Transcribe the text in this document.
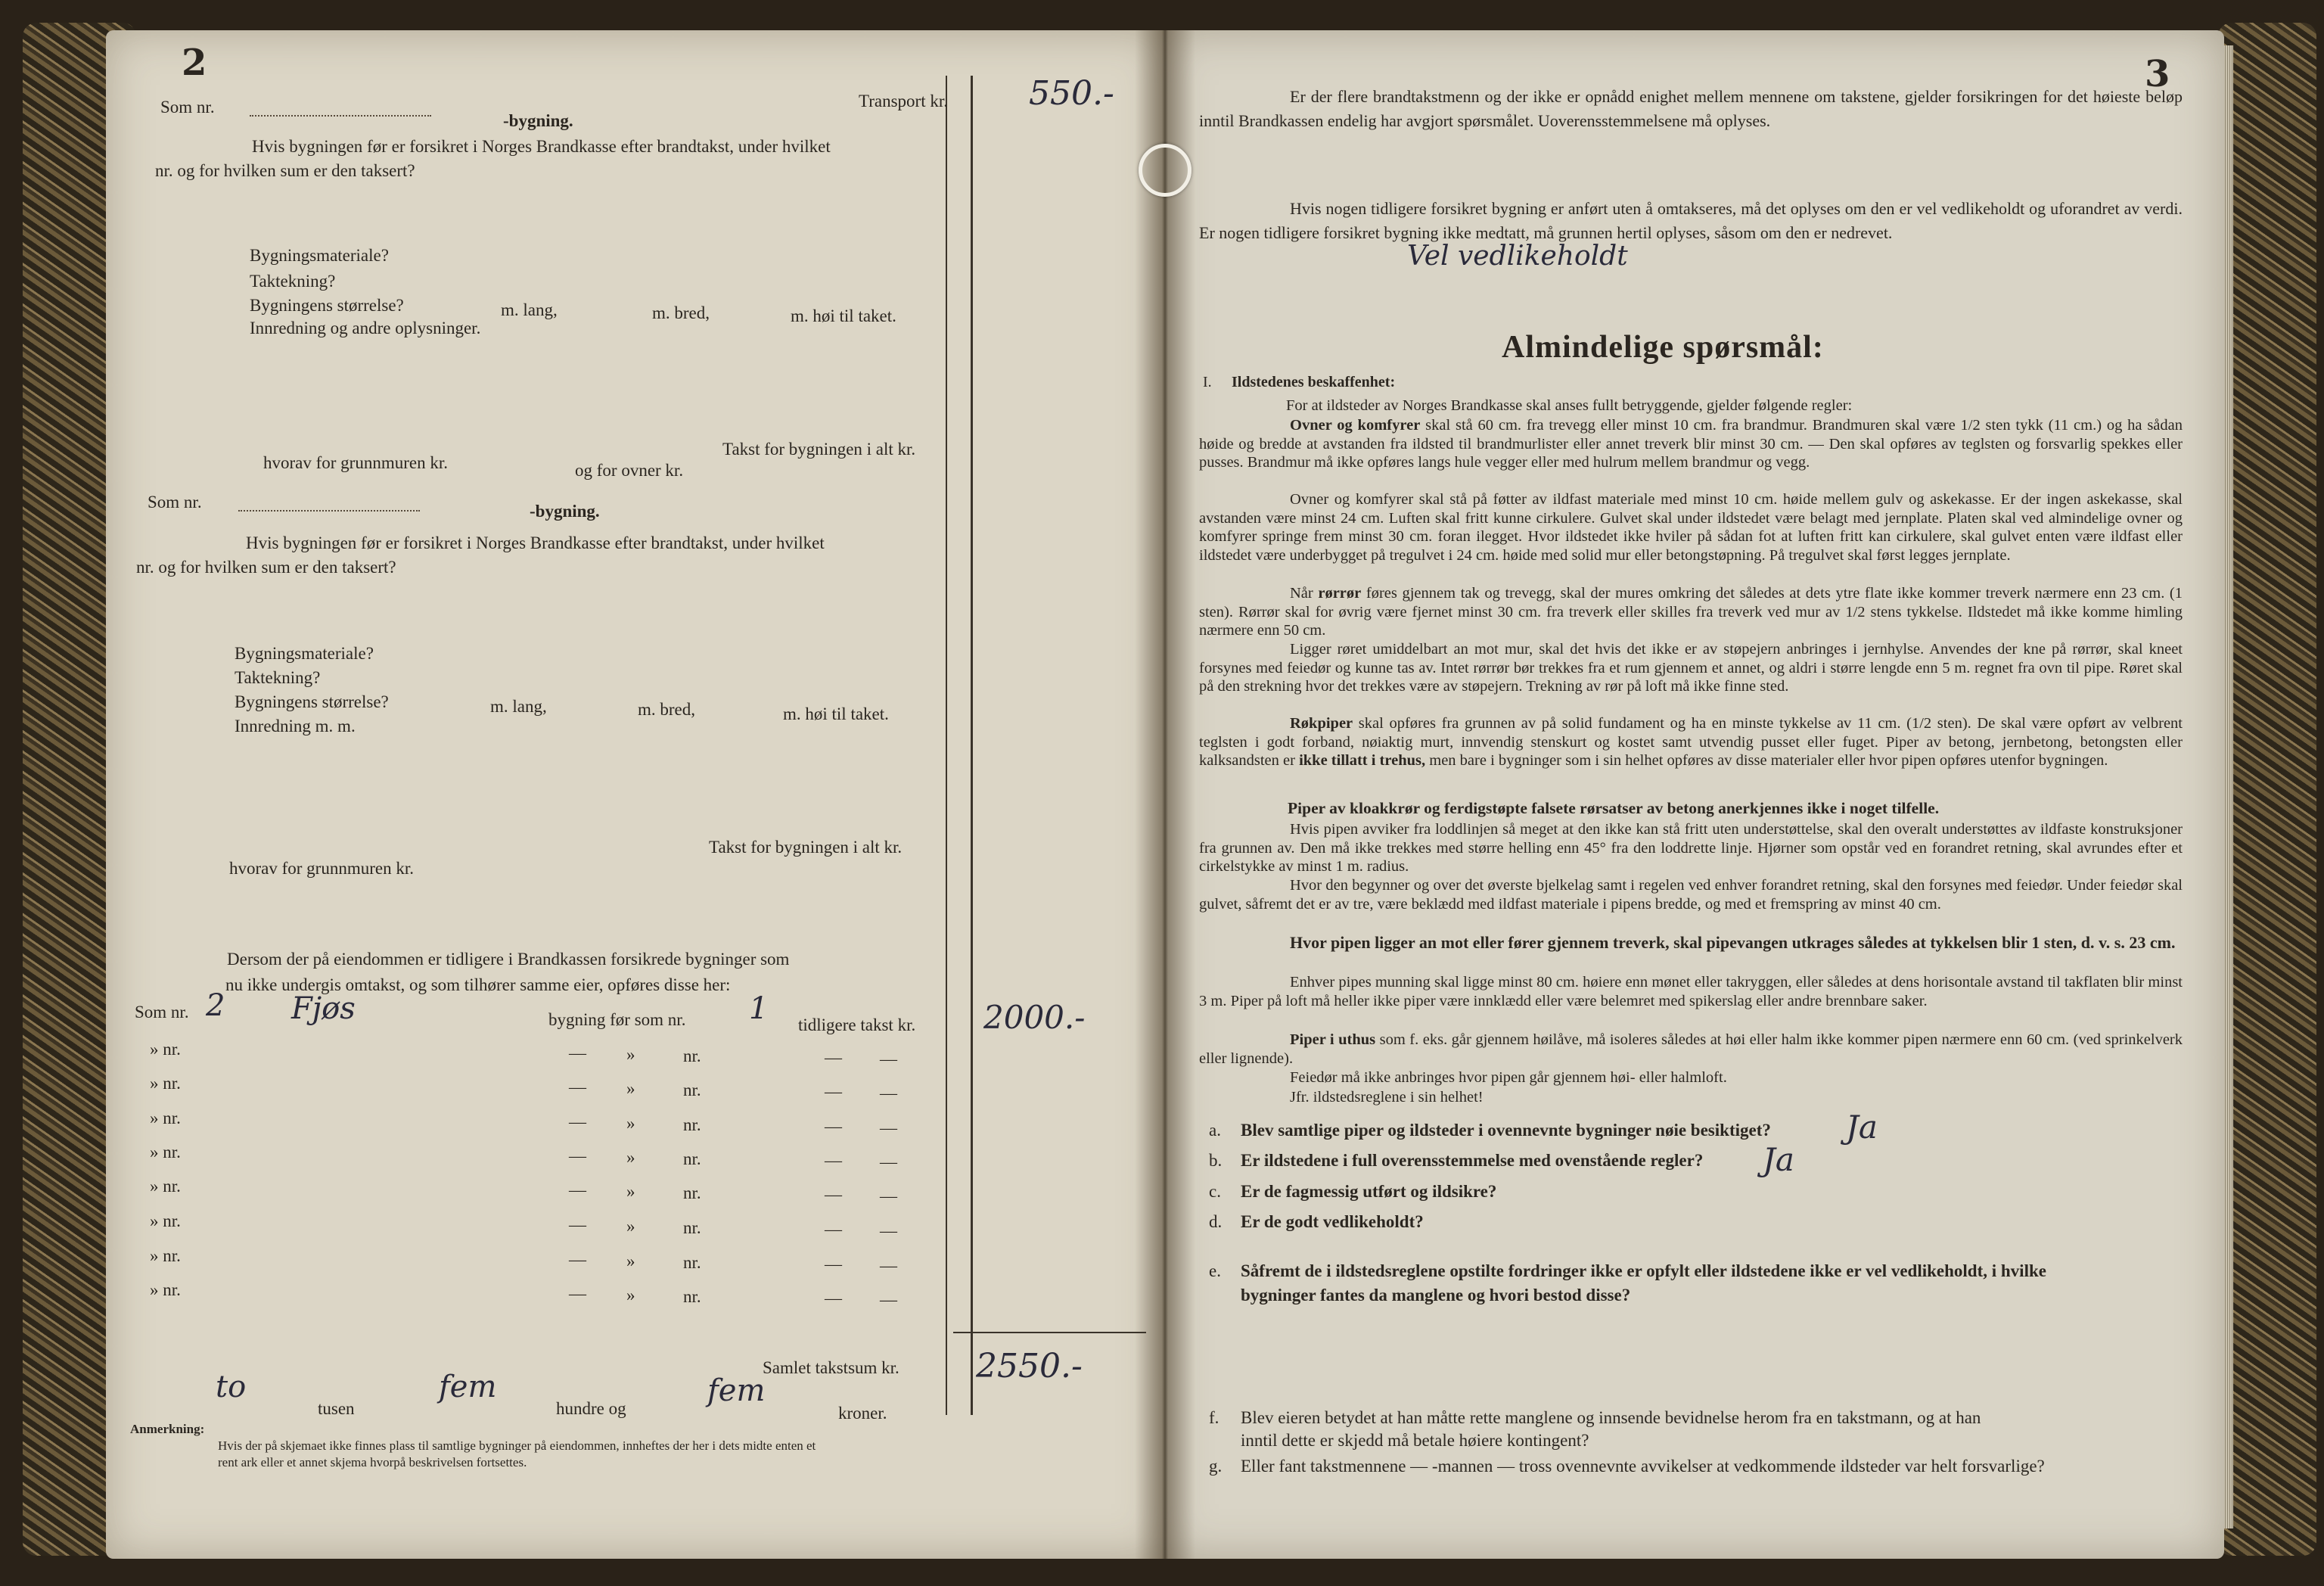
2
Transport kr. 550.-
Som nr.
-bygning.
Hvis bygningen før er forsikret i Norges Brandkasse efter brandtakst, under hvilket
nr. og for hvilken sum er den taksert?
Bygningsmateriale?
Taktekning?
Bygningens størrelse?	m. lang,	m. bred,	m. høi til taket.
Innredning og andre oplysninger.
Takst for bygningen i alt kr.
hvorav for grunnmuren kr.	og for ovner kr.
Som nr.	-bygning.
Hvis bygningen før er forsikret i Norges Brandkasse efter brandtakst, under hvilket
nr. og for hvilken sum er den taksert?
Bygningsmateriale?
Taktekning?
Bygningens størrelse?	m. lang,	m. bred,	m. høi til taket.
Innredning m. m.
Takst for bygningen i alt kr.
hvorav for grunnmuren kr.
Dersom der på eiendommen er tidligere i Brandkassen forsikrede bygninger som
nu ikke undergis omtakst, og som tilhører samme eier, opføres disse her:
Som nr. 2 Fjøs	bygning før som nr. 1 tidligere takst kr. 2000.-
» nr.	— »	nr.	— —
» nr.	— »	nr.	— —
» nr.	— »	nr.	— —
» nr.	— »	nr.	— —
» nr.	— »	nr.	— —
» nr.	— »	nr.	— —
» nr.	— »	nr.	— —
» nr.	— »	nr.	— —
Samlet takstsum kr. 2550.-
to
tusen
fem
hundre og
fem
kroner.
Anmerkning:
Hvis der på skjemaet ikke finnes plass til samtlige bygninger på eiendommen, innheftes der her i dets midte enten et
rent ark eller et annet skjema hvorpå beskrivelsen fortsettes.
3
Er der flere brandtakstmenn og der ikke er opnådd enighet mellem mennene om takstene, gjelder forsikringen for det høieste beløp inntil Brandkassen endelig har avgjort spørsmålet. Uoverensstemmelsene må oplyses.
Hvis nogen tidligere forsikret bygning er anført uten å omtakseres, må det oplyses om den er vel vedlikeholdt og uforandret av verdi. Er nogen tidligere forsikret bygning ikke medtatt, må grunnen hertil oplyses, såsom om den er nedrevet.
Vel vedlikeholdt
Almindelige spørsmål:
I. Ildstedenes beskaffenhet:
For at ildsteder av Norges Brandkasse skal anses fullt betryggende, gjelder følgende regler:
Ovner og komfyrer skal stå 60 cm. fra trevegg eller minst 10 cm. fra brandmur. Brandmuren skal være 1/2 sten tykk (11 cm.) og ha sådan høide og bredde at avstanden fra ildsted til brandmurlister eller annet treverk blir minst 30 cm. — Den skal opføres av teglsten og forsvarlig spekkes eller pusses. Brandmur må ikke opføres langs hule vegger eller med hulrum mellem brandmur og vegg.
Ovner og komfyrer skal stå på føtter av ildfast materiale med minst 10 cm. høide mellem gulv og askekasse. Er der ingen askekasse, skal avstanden være minst 24 cm. Luften skal fritt kunne cirkulere. Gulvet skal under ildstedet være belagt med jernplate. Platen skal ved almindelige ovner og komfyrer springe frem minst 30 cm. foran ilegget. Hvor ildstedet ikke hviler på sådan fot at luften fritt kan cirkulere, skal gulvet enten være ildfast eller ildstedet være underbygget på tregulvet i 24 cm. høide med solid mur eller betongstøpning. På tregulvet skal først legges jernplate.
Når rørrør føres gjennem tak og trevegg, skal der mures omkring det således at dets ytre flate ikke kommer treverk nærmere enn 23 cm. (1 sten). Rørrør skal for øvrig være fjernet minst 30 cm. fra treverk eller skilles fra treverk ved mur av 1/2 stens tykkelse. Ildstedet må ikke komme himling nærmere enn 50 cm.
Ligger røret umiddelbart an mot mur, skal det hvis det ikke er av støpejern anbringes i jernhylse. Anvendes der kne på rørrør, skal kneet forsynes med feiedør og kunne tas av. Intet rørrør bør trekkes fra et rum gjennem et annet, og aldri i større lengde enn 5 m. regnet fra ovn til pipe. Røret skal på den strekning hvor det trekkes være av støpejern. Trekning av rør på loft må ikke finne sted.
Røkpiper skal opføres fra grunnen av på solid fundament og ha en minste tykkelse av 11 cm. (1/2 sten). De skal være opført av velbrent teglsten i godt forband, nøiaktig murt, innvendig stenskurt og kostet samt utvendig pusset eller fuget. Piper av betong, jernbetong, betongsten eller kalksandsten er ikke tillatt i trehus, men bare i bygninger som i sin helhet opføres av disse materialer eller hvor pipen opføres utenfor bygningen.
Piper av kloakkrør og ferdigstøpte falsete rørsatser av betong anerkjennes ikke i noget tilfelle.
Hvis pipen avviker fra loddlinjen så meget at den ikke kan stå fritt uten understøttelse, skal den overalt understøttes av ildfaste konstruksjoner fra grunnen av. Den må ikke trekkes med større helling enn 45° fra den loddrette linje. Hjørner som opstår ved en forandret retning, skal avrundes efter et cirkelstykke av minst 1 m. radius.
Hvor den begynner og over det øverste bjelkelag samt i regelen ved enhver forandret retning, skal den forsynes med feiedør. Under feiedør skal gulvet, såfremt det er av tre, være beklædd med ildfast materiale i pipens bredde, og med et fremspring av minst 40 cm.
Hvor pipen ligger an mot eller fører gjennem treverk, skal pipevangen utkrages således at tykkelsen blir 1 sten, d. v. s. 23 cm.
Enhver pipes munning skal ligge minst 80 cm. høiere enn mønet eller takryggen, eller således at dens horisontale avstand til takflaten blir minst 3 m. Piper på loft må heller ikke piper være innklædd eller være belemret med spikerslag eller andre brennbare saker.
Piper i uthus som f. eks. går gjennem høilåve, må isoleres således at høi eller halm ikke kommer pipen nærmere enn 60 cm. (ved sprinkelverk eller lignende).
Feiedør må ikke anbringes hvor pipen går gjennem høi- eller halmloft.
Jfr. ildstedsreglene i sin helhet!
a. Blev samtlige piper og ildsteder i ovennevnte bygninger nøie besiktiget? Ja
b. Er ildstedene i full overensstemmelse med ovenstående regler? Ja
c. Er de fagmessig utført og ildsikre?
d. Er de godt vedlikeholdt?
e. Såfremt de i ildstedsreglene opstilte fordringer ikke er opfylt eller ildstedene ikke er vel vedlikeholdt, i hvilke
bygninger fantes da manglene og hvori bestod disse?
f. Blev eieren betydet at han måtte rette manglene og innsende bevidnelse herom fra en takstmann, og at han
inntil dette er skjedd må betale høiere kontingent?
g. Eller fant takstmennene — -mannen — tross ovennevnte avvikelser at vedkommende ildsteder var helt forsvarlige?
